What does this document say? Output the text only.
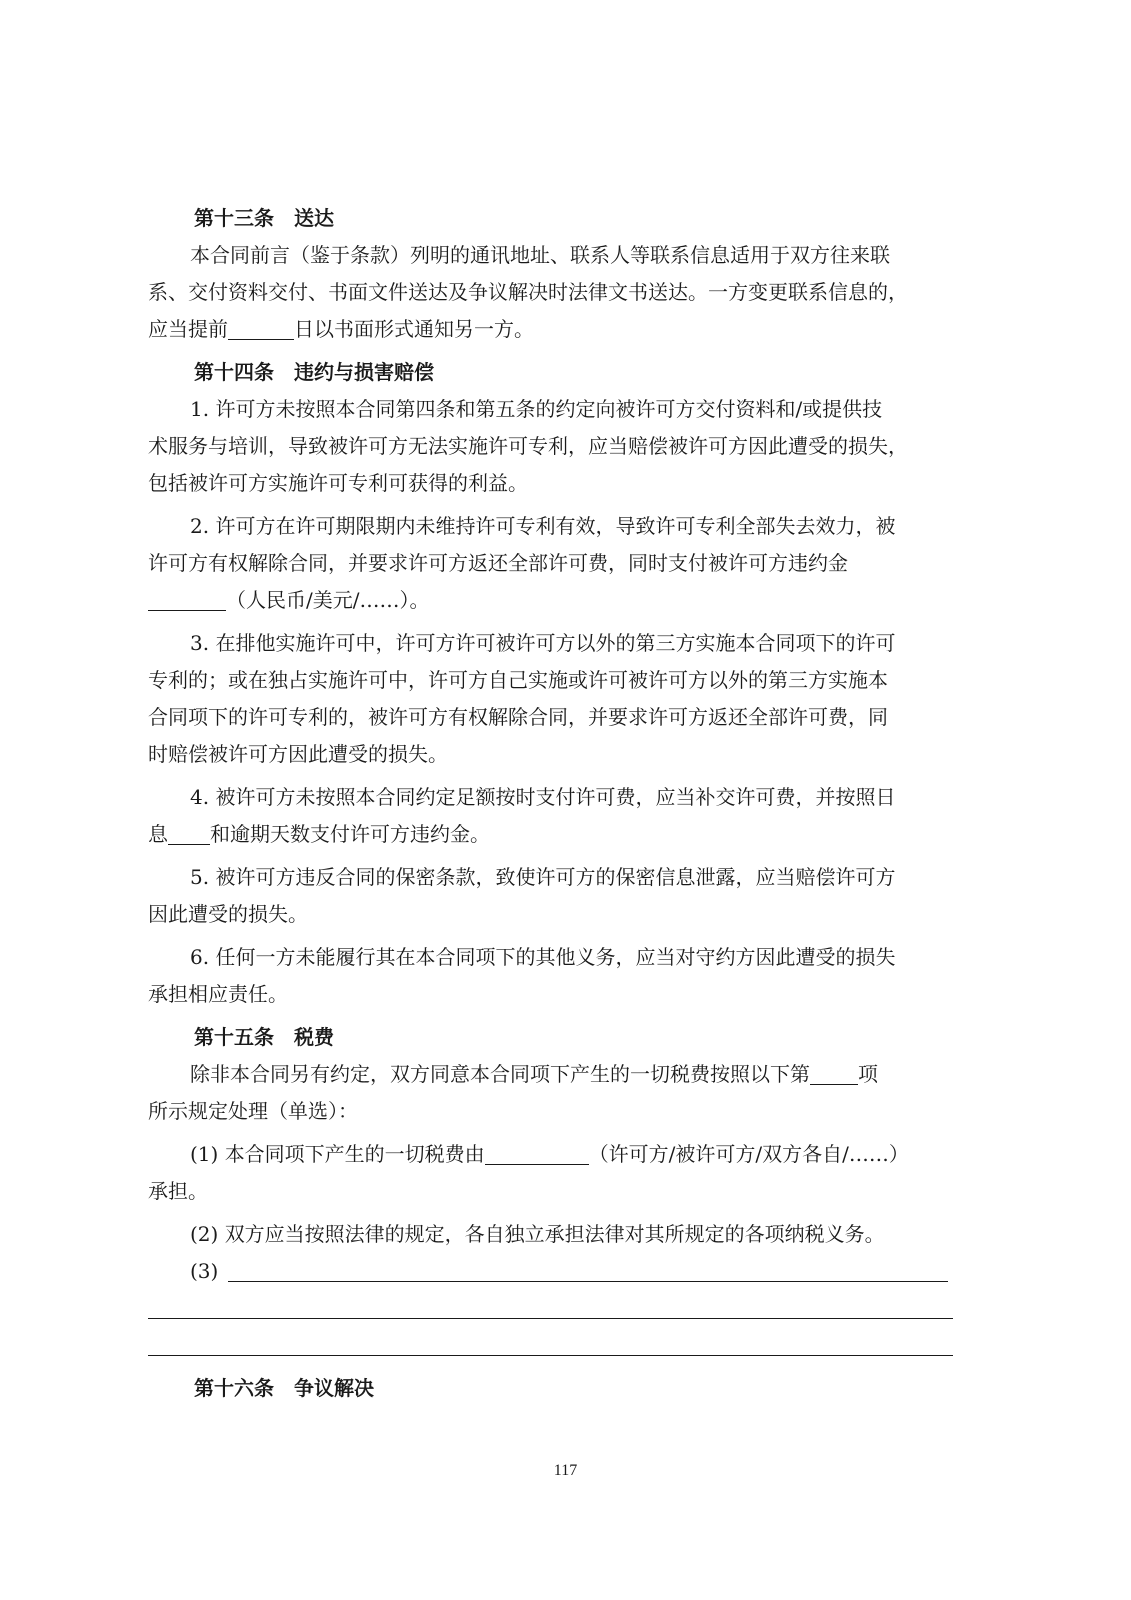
第十三条　送达
本合同前言（鉴于条款）列明的通讯地址、联系人等联系信息适用于双方往来联
系、交付资料交付、书面文件送达及争议解决时法律文书送达。一方变更联系信息的，
应当提前	日以书面形式通知另一方。
第十四条　违约与损害赔偿
1. 许可方未按照本合同第四条和第五条的约定向被许可方交付资料和/或提供技
术服务与培训，导致被许可方无法实施许可专利，应当赔偿被许可方因此遭受的损失，
包括被许可方实施许可专利可获得的利益。
2. 许可方在许可期限期内未维持许可专利有效，导致许可专利全部失去效力，被
许可方有权解除合同，并要求许可方返还全部许可费，同时支付被许可方违约金
（人民币/美元/……）。
3. 在排他实施许可中，许可方许可被许可方以外的第三方实施本合同项下的许可
专利的；或在独占实施许可中，许可方自己实施或许可被许可方以外的第三方实施本
合同项下的许可专利的，被许可方有权解除合同，并要求许可方返还全部许可费，同
时赔偿被许可方因此遭受的损失。
4. 被许可方未按照本合同约定足额按时支付许可费，应当补交许可费，并按照日
息 和逾期天数支付许可方违约金。
5. 被许可方违反合同的保密条款，致使许可方的保密信息泄露，应当赔偿许可方
因此遭受的损失。
6. 任何一方未能履行其在本合同项下的其他义务，应当对守约方因此遭受的损失
承担相应责任。
第十五条　税费
除非本合同另有约定，双方同意本合同项下产生的一切税费按照以下第 项
所示规定处理（单选）：
(1) 本合同项下产生的一切税费由	（许可方/被许可方/双方各自/……）
承担。
(2) 双方应当按照法律的规定，各自独立承担法律对其所规定的各项纳税义务。
(3)
第十六条　争议解决
117
